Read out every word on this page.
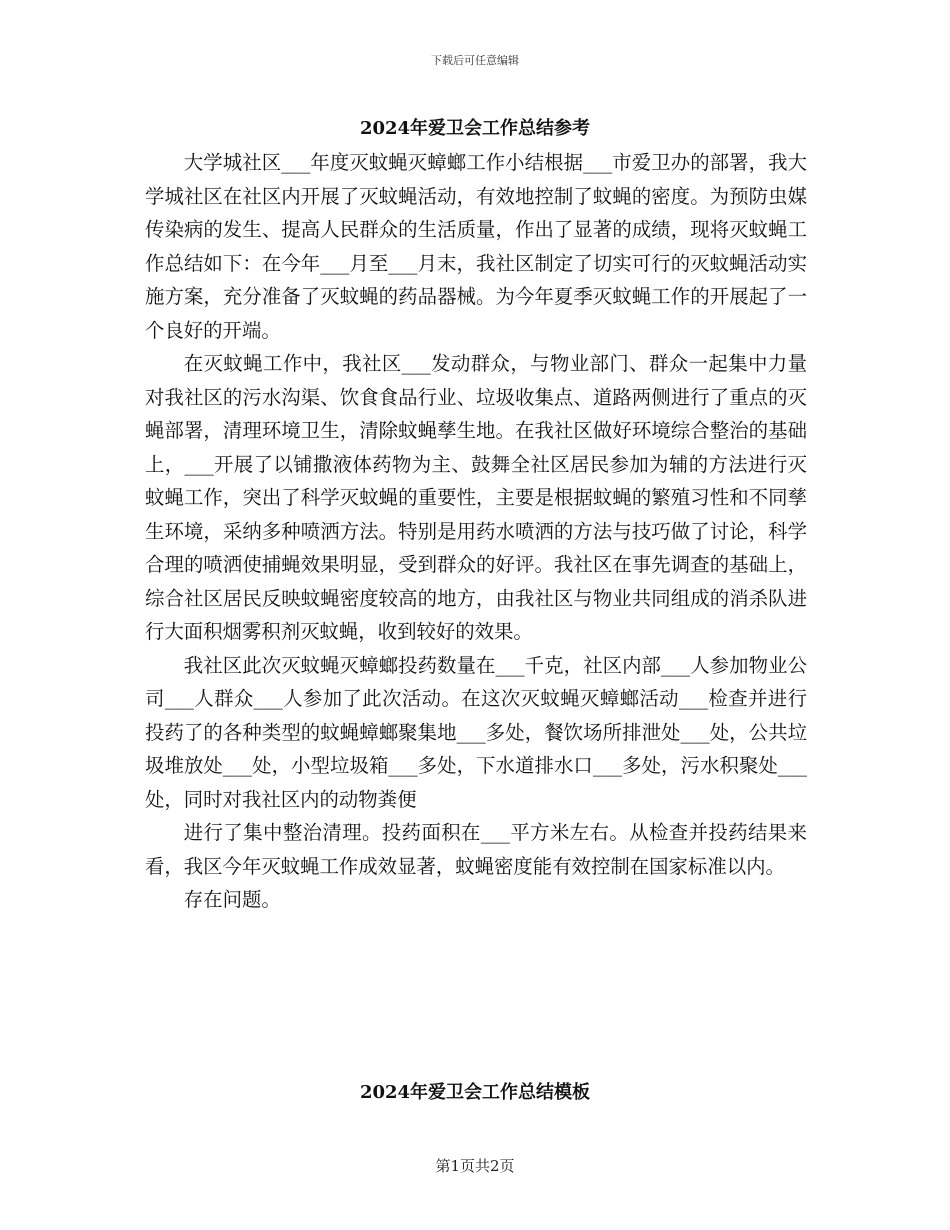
下载后可任意编辑
2024年爱卫会工作总结参考

大学城社区___年度灭蚊蝇灭蟑螂工作小结根据___市爱卫办的部署，我大学城社区在社区内开展了灭蚊蝇活动，有效地控制了蚊蝇的密度。为预防虫媒传染病的发生、提高人民群众的生活质量，作出了显著的成绩，现将灭蚊蝇工作总结如下：在今年___月至___月末，我社区制定了切实可行的灭蚊蝇活动实施方案，充分准备了灭蚊蝇的药品器械。为今年夏季灭蚊蝇工作的开展起了一个良好的开端。

在灭蚊蝇工作中，我社区___发动群众，与物业部门、群众一起集中力量对我社区的污水沟渠、饮食食品行业、垃圾收集点、道路两侧进行了重点的灭蝇部署，清理环境卫生，清除蚊蝇孳生地。在我社区做好环境综合整治的基础上，___开展了以铺撒液体药物为主、鼓舞全社区居民参加为辅的方法进行灭蚊蝇工作，突出了科学灭蚊蝇的重要性，主要是根据蚊蝇的繁殖习性和不同孳生环境，采纳多种喷洒方法。特别是用药水喷洒的方法与技巧做了讨论，科学合理的喷洒使捕蝇效果明显，受到群众的好评。我社区在事先调查的基础上，综合社区居民反映蚊蝇密度较高的地方，由我社区与物业共同组成的消杀队进行大面积烟雾积剂灭蚊蝇，收到较好的效果。

我社区此次灭蚊蝇灭蟑螂投药数量在___千克，社区内部___人参加物业公司___人群众___人参加了此次活动。在这次灭蚊蝇灭蟑螂活动___检查并进行投药了的各种类型的蚊蝇蟑螂聚集地___多处，餐饮场所排泄处___处，公共垃圾堆放处___处，小型垃圾箱___多处，下水道排水口___多处，污水积聚处___处，同时对我社区内的动物粪便

进行了集中整治清理。投药面积在___平方米左右。从检查并投药结果来看，我区今年灭蚊蝇工作成效显著，蚊蝇密度能有效控制在国家标准以内。

存在问题。

2024年爱卫会工作总结模板
第1页共2页
